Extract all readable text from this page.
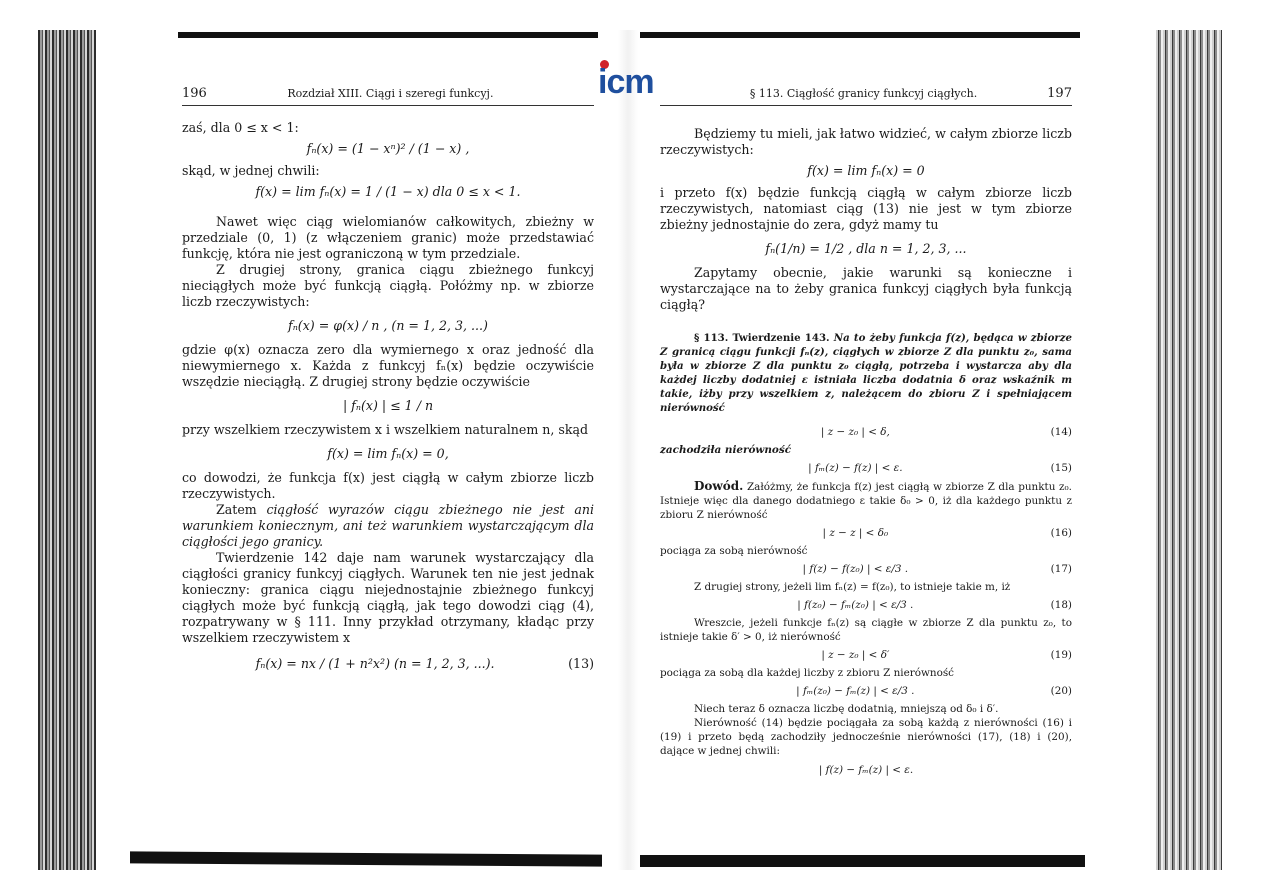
icm
196	Rozdział XIII. Ciągi i szeregi funkcyj.

zaś, dla 0 ≤ x < 1:

fₙ(x) = (1 − xⁿ)² / (1 − x) ,

skąd, w jednej chwili:

f(x) = lim fₙ(x) = 1 / (1 − x) dla 0 ≤ x < 1.

Nawet więc ciąg wielomianów całkowitych, zbieżny w przedziale (0, 1) (z włączeniem granic) może przedstawiać funkcję, która nie jest ograniczoną w tym przedziale.

Z drugiej strony, granica ciągu zbieżnego funkcyj nieciągłych może być funkcją ciągłą. Połóżmy np. w zbiorze liczb rzeczywistych:

fₙ(x) = φ(x) / n , (n = 1, 2, 3, ...)

gdzie φ(x) oznacza zero dla wymiernego x oraz jedność dla niewymiernego x. Każda z funkcyj fₙ(x) będzie oczywiście wszędzie nieciągłą. Z drugiej strony będzie oczywiście

| fₙ(x) | ≤ 1 / n

przy wszelkiem rzeczywistem x i wszelkiem naturalnem n, skąd

f(x) = lim fₙ(x) = 0,

co dowodzi, że funkcja f(x) jest ciągłą w całym zbiorze liczb rzeczywistych.

Zatem ciągłość wyrazów ciągu zbieżnego nie jest ani warunkiem koniecznym, ani też warunkiem wystarczającym dla ciągłości jego granicy.

Twierdzenie 142 daje nam warunek wystarczający dla ciągłości granicy funkcyj ciągłych. Warunek ten nie jest jednak konieczny: granica ciągu niejednostajnie zbieżnego funkcyj ciągłych może być funkcją ciągłą, jak tego dowodzi ciąg (4), rozpatrywany w § 111. Inny przykład otrzymany, kładąc przy wszelkiem rzeczywistem x

fₙ(x) = nx / (1 + n²x²) (n = 1, 2, 3, ...).	(13)
§ 113. Ciągłość granicy funkcyj ciągłych.	197

Będziemy tu mieli, jak łatwo widzieć, w całym zbiorze liczb rzeczywistych:

f(x) = lim fₙ(x) = 0

i przeto f(x) będzie funkcją ciągłą w całym zbiorze liczb rzeczywistych, natomiast ciąg (13) nie jest w tym zbiorze zbieżny jednostajnie do zera, gdyż mamy tu

fₙ(1/n) = 1/2 , dla n = 1, 2, 3, ...

Zapytamy obecnie, jakie warunki są konieczne i wystarczające na to żeby granica funkcyj ciągłych była funkcją ciągłą?

§ 113. Twierdzenie 143. Na to żeby funkcja f(z), będąca w zbiorze Z granicą ciągu funkcji fₙ(z), ciągłych w zbiorze Z dla punktu z₀, sama była w zbiorze Z dla punktu z₀ ciągłą, potrzeba i wystarcza aby dla każdej liczby dodatniej ε istniała liczba dodatnia δ oraz wskaźnik m takie, iżby przy wszelkiem z, należącem do zbioru Z i spełniającem nierówność

| z − z₀ | < δ,	(14)

zachodziła nierówność

| fₘ(z) − f(z) | < ε.	(15)

Dowód. Załóżmy, że funkcja f(z) jest ciągłą w zbiorze Z dla punktu z₀. Istnieje więc dla danego dodatniego ε takie δ₀ > 0, iż dla każdego punktu z zbioru Z nierówność

| z − z | < δ₀	(16)

pociąga za sobą nierówność

| f(z) − f(z₀) | < ε/3 .	(17)

Z drugiej strony, jeżeli lim fₙ(z) = f(z₀), to istnieje takie m, iż

| f(z₀) − fₘ(z₀) | < ε/3 .	(18)

Wreszcie, jeżeli funkcje fₙ(z) są ciągłe w zbiorze Z dla punktu z₀, to istnieje takie δ′ > 0, iż nierówność

| z − z₀ | < δ′	(19)

pociąga za sobą dla każdej liczby z zbioru Z nierówność

| fₘ(z₀) − fₘ(z) | < ε/3 .	(20)

Niech teraz δ oznacza liczbę dodatnią, mniejszą od δ₀ i δ′.

Nierówność (14) będzie pociągała za sobą każdą z nierówności (16) i (19) i przeto będą zachodziły jednocześnie nierówności (17), (18) i (20), dające w jednej chwili:

| f(z) − fₘ(z) | < ε.
